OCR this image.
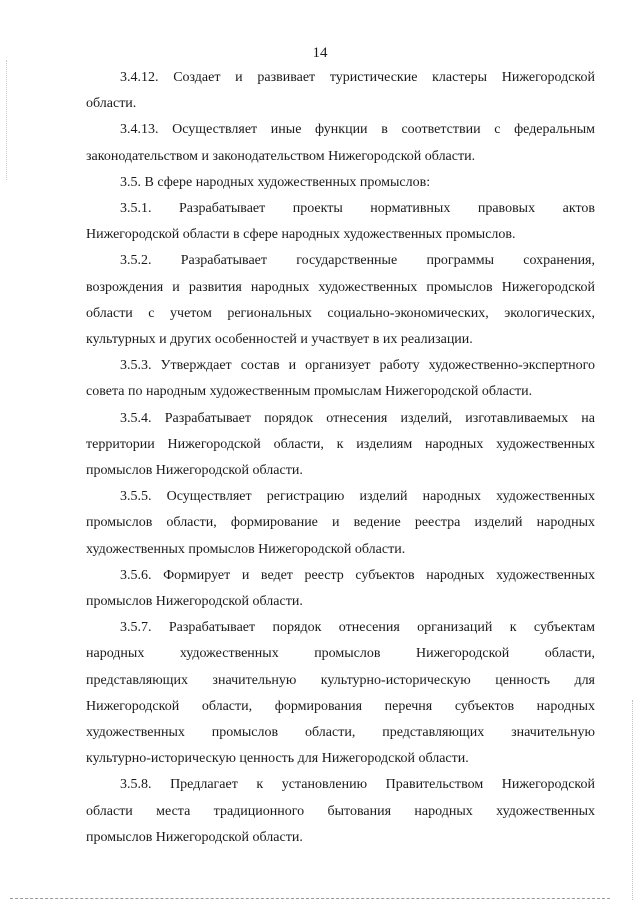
14
3.4.12. Создает и развивает туристические кластеры Нижегородской
области.
3.4.13. Осуществляет иные функции в соответствии с федеральным
законодательством и законодательством Нижегородской области.
3.5. В сфере народных художественных промыслов:
3.5.1. Разрабатывает проекты нормативных правовых актов
Нижегородской области в сфере народных художественных промыслов.
3.5.2. Разрабатывает государственные программы сохранения,
возрождения и развития народных художественных промыслов Нижегородской
области с учетом региональных социально-экономических, экологических,
культурных и других особенностей и участвует в их реализации.
3.5.3. Утверждает состав и организует работу художественно-экспертного
совета по народным художественным промыслам Нижегородской области.
3.5.4. Разрабатывает порядок отнесения изделий, изготавливаемых на
территории Нижегородской области, к изделиям народных художественных
промыслов Нижегородской области.
3.5.5. Осуществляет регистрацию изделий народных художественных
промыслов области, формирование и ведение реестра изделий народных
художественных промыслов Нижегородской области.
3.5.6. Формирует и ведет реестр субъектов народных художественных
промыслов Нижегородской области.
3.5.7. Разрабатывает порядок отнесения организаций к субъектам
народных художественных промыслов Нижегородской области,
представляющих значительную культурно-историческую ценность для
Нижегородской области, формирования перечня субъектов народных
художественных промыслов области, представляющих значительную
культурно-историческую ценность для Нижегородской области.
3.5.8. Предлагает к установлению Правительством Нижегородской
области места традиционного бытования народных художественных
промыслов Нижегородской области.
